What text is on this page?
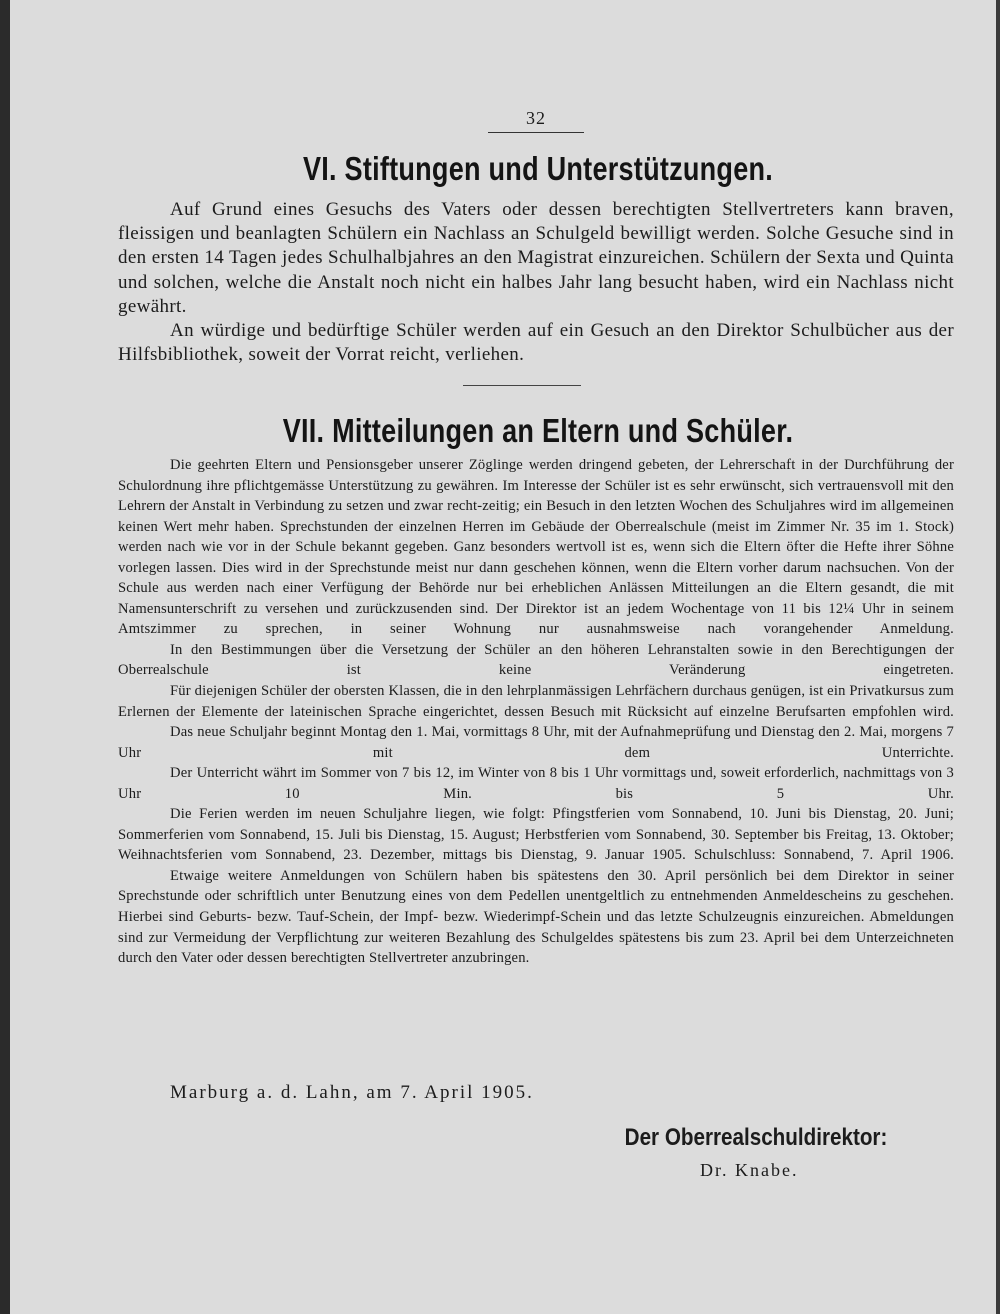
32
VI. Stiftungen und Unterstützungen.

Auf Grund eines Gesuchs des Vaters oder dessen berechtigten Stellvertreters kann braven, fleissigen und beanlagten Schülern ein Nachlass an Schulgeld bewilligt werden. Solche Gesuche sind in den ersten 14 Tagen jedes Schulhalbjahres an den Magistrat einzureichen. Schülern der Sexta und Quinta und solchen, welche die Anstalt noch nicht ein halbes Jahr lang besucht haben, wird ein Nachlass nicht gewährt.

An würdige und bedürftige Schüler werden auf ein Gesuch an den Direktor Schulbücher aus der Hilfsbibliothek, soweit der Vorrat reicht, verliehen.

VII. Mitteilungen an Eltern und Schüler.

Die geehrten Eltern und Pensionsgeber unserer Zöglinge werden dringend gebeten, der Lehrerschaft in der Durchführung der Schulordnung ihre pflichtgemässe Unterstützung zu gewähren. Im Interesse der Schüler ist es sehr erwünscht, sich vertrauensvoll mit den Lehrern der Anstalt in Verbindung zu setzen und zwar recht-zeitig; ein Besuch in den letzten Wochen des Schuljahres wird im allgemeinen keinen Wert mehr haben. Sprechstunden der einzelnen Herren im Gebäude der Oberrealschule (meist im Zimmer Nr. 35 im 1. Stock) werden nach wie vor in der Schule bekannt gegeben. Ganz besonders wertvoll ist es, wenn sich die Eltern öfter die Hefte ihrer Söhne vorlegen lassen. Dies wird in der Sprechstunde meist nur dann geschehen können, wenn die Eltern vorher darum nachsuchen. Von der Schule aus werden nach einer Verfügung der Behörde nur bei erheblichen Anlässen Mitteilungen an die Eltern gesandt, die mit Namensunterschrift zu versehen und zurückzusenden sind. Der Direktor ist an jedem Wochentage von 11 bis 12¼ Uhr in seinem Amtszimmer zu sprechen, in seiner Wohnung nur ausnahmsweise nach vorangehender Anmeldung.

In den Bestimmungen über die Versetzung der Schüler an den höheren Lehranstalten sowie in den Berechtigungen der Oberrealschule ist keine Veränderung eingetreten.

Für diejenigen Schüler der obersten Klassen, die in den lehrplanmässigen Lehrfächern durchaus genügen, ist ein Privatkursus zum Erlernen der Elemente der lateinischen Sprache eingerichtet, dessen Besuch mit Rücksicht auf einzelne Berufsarten empfohlen wird.

Das neue Schuljahr beginnt Montag den 1. Mai, vormittags 8 Uhr, mit der Aufnahmeprüfung und Dienstag den 2. Mai, morgens 7 Uhr mit dem Unterrichte.

Der Unterricht währt im Sommer von 7 bis 12, im Winter von 8 bis 1 Uhr vormittags und, soweit erforderlich, nachmittags von 3 Uhr 10 Min. bis 5 Uhr.

Die Ferien werden im neuen Schuljahre liegen, wie folgt: Pfingstferien vom Sonnabend, 10. Juni bis Dienstag, 20. Juni; Sommerferien vom Sonnabend, 15. Juli bis Dienstag, 15. August; Herbstferien vom Sonnabend, 30. September bis Freitag, 13. Oktober; Weihnachtsferien vom Sonnabend, 23. Dezember, mittags bis Dienstag, 9. Januar 1905. Schulschluss: Sonnabend, 7. April 1906.

Etwaige weitere Anmeldungen von Schülern haben bis spätestens den 30. April persönlich bei dem Direktor in seiner Sprechstunde oder schriftlich unter Benutzung eines von dem Pedellen unentgeltlich zu entnehmenden Anmeldescheins zu geschehen. Hierbei sind Geburts- bezw. Tauf-Schein, der Impf- bezw. Wiederimpf-Schein und das letzte Schulzeugnis einzureichen. Abmeldungen sind zur Vermeidung der Verpflichtung zur weiteren Bezahlung des Schulgeldes spätestens bis zum 23. April bei dem Unterzeichneten durch den Vater oder dessen berechtigten Stellvertreter anzubringen.

Marburg a. d. Lahn, am 7. April 1905.
Der Oberrealschuldirektor:
Dr. Knabe.
